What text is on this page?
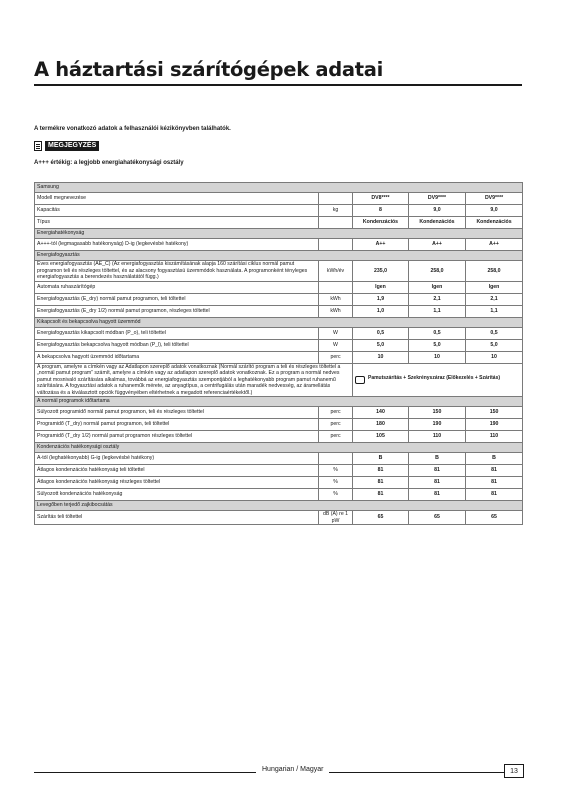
A háztartási szárítógépek adatai
A termékre vonatkozó adatok a felhasználói kézikönyvben találhatók.
MEGJEGYZÉS
A+++ értékig: a legjobb energiahatékonysági osztály
Samsung				
Modell megnevezése		DV8****	DV9****	DV9****
Kapacitás	kg	8	9,0	9,0
Típus		Kondenzációs	Kondenzációs	Kondenzációs
Energiahatékonyság				
A+++-tól (legmagasabb hatékonyság) D-ig (legkevésbé hatékony)		A++	A++	A++
Energiafogyasztás				
Éves energiafogyasztás (AE_C) (Az energiafogyasztás kiszámításának alapja 160 szárítási ciklus normál pamut programon teli és részleges töltettel, és az alacsony fogyasztású üzemmódok használata. A programonként tényleges energiafogyasztás a berendezés használatától függ.)	kWh/év	235,0	258,0	258,0
Automata ruhaszárítógép		Igen	Igen	Igen
Energiafogyasztás (E_dry) normál pamut programon, teli töltettel	kWh	1,9	2,1	2,1
Energiafogyasztás (E_dry 1/2) normál pamut programon, részleges töltettel	kWh	1,0	1,1	1,1
Kikapcsolt és bekapcsolva hagyott üzemmód				
Energiafogyasztás kikapcsolt módban (P_o), teli töltettel	W	0,5	0,5	0,5
Energiafogyasztás bekapcsolva hagyott módban (P_l), teli töltettel	W	5,0	5,0	5,0
A bekapcsolva hagyott üzemmód időtartama	perc	10	10	10
A program, amelyre a címkén vagy az Adatlapon szereplő adatok vonatkoznak (Normál szárító program a teli és részleges töltettel a „normál pamut program” számít, amelyre a címkén vagy az adatlapon szereplő adatok vonatkoznak. Ez a program a normál nedves pamut mosnivaló szárítására alkalmas, továbbá az energiafogyasztás szempontjából a leghatékonyabb program pamut ruhanemű szárítására. A fogyasztási adatok a ruhaneműk mérete, az anyagtípus, a centrifugálás után maradék nedvesség, az áramellátás változása és a kiválasztott opciók függvényében eltérhetnek a megadott referenciaértékektől.)		Pamutszárítás + Szekrényszáraz (Előkezelés + Szárítás)		

A normál programok időtartama				
Súlyozott programidő normál pamut programon, teli és részleges töltettel	perc	140	150	150
Programidő (T_dry) normál pamut programon, teli töltettel	perc	180	190	190
Programidő (T_dry 1/2) normál pamut programon részleges töltettel	perc	105	110	110
Kondenzációs hatékonysági osztály				
A-tól (leghatékonyabb) G-ig (legkevésbé hatékony)		B	B	B
Átlagos kondenzációs hatékonyság teli töltettel	%	81	81	81
Átlagos kondenzációs hatékonyság részleges töltettel	%	81	81	81
Súlyozott kondenzációs hatékonyság	%	81	81	81
Levegőben terjedő zajkibocsátás				
Szárítás teli töltettel	dB (A) re 1 pW	65	65	65
Hungarian / Magyar	13
